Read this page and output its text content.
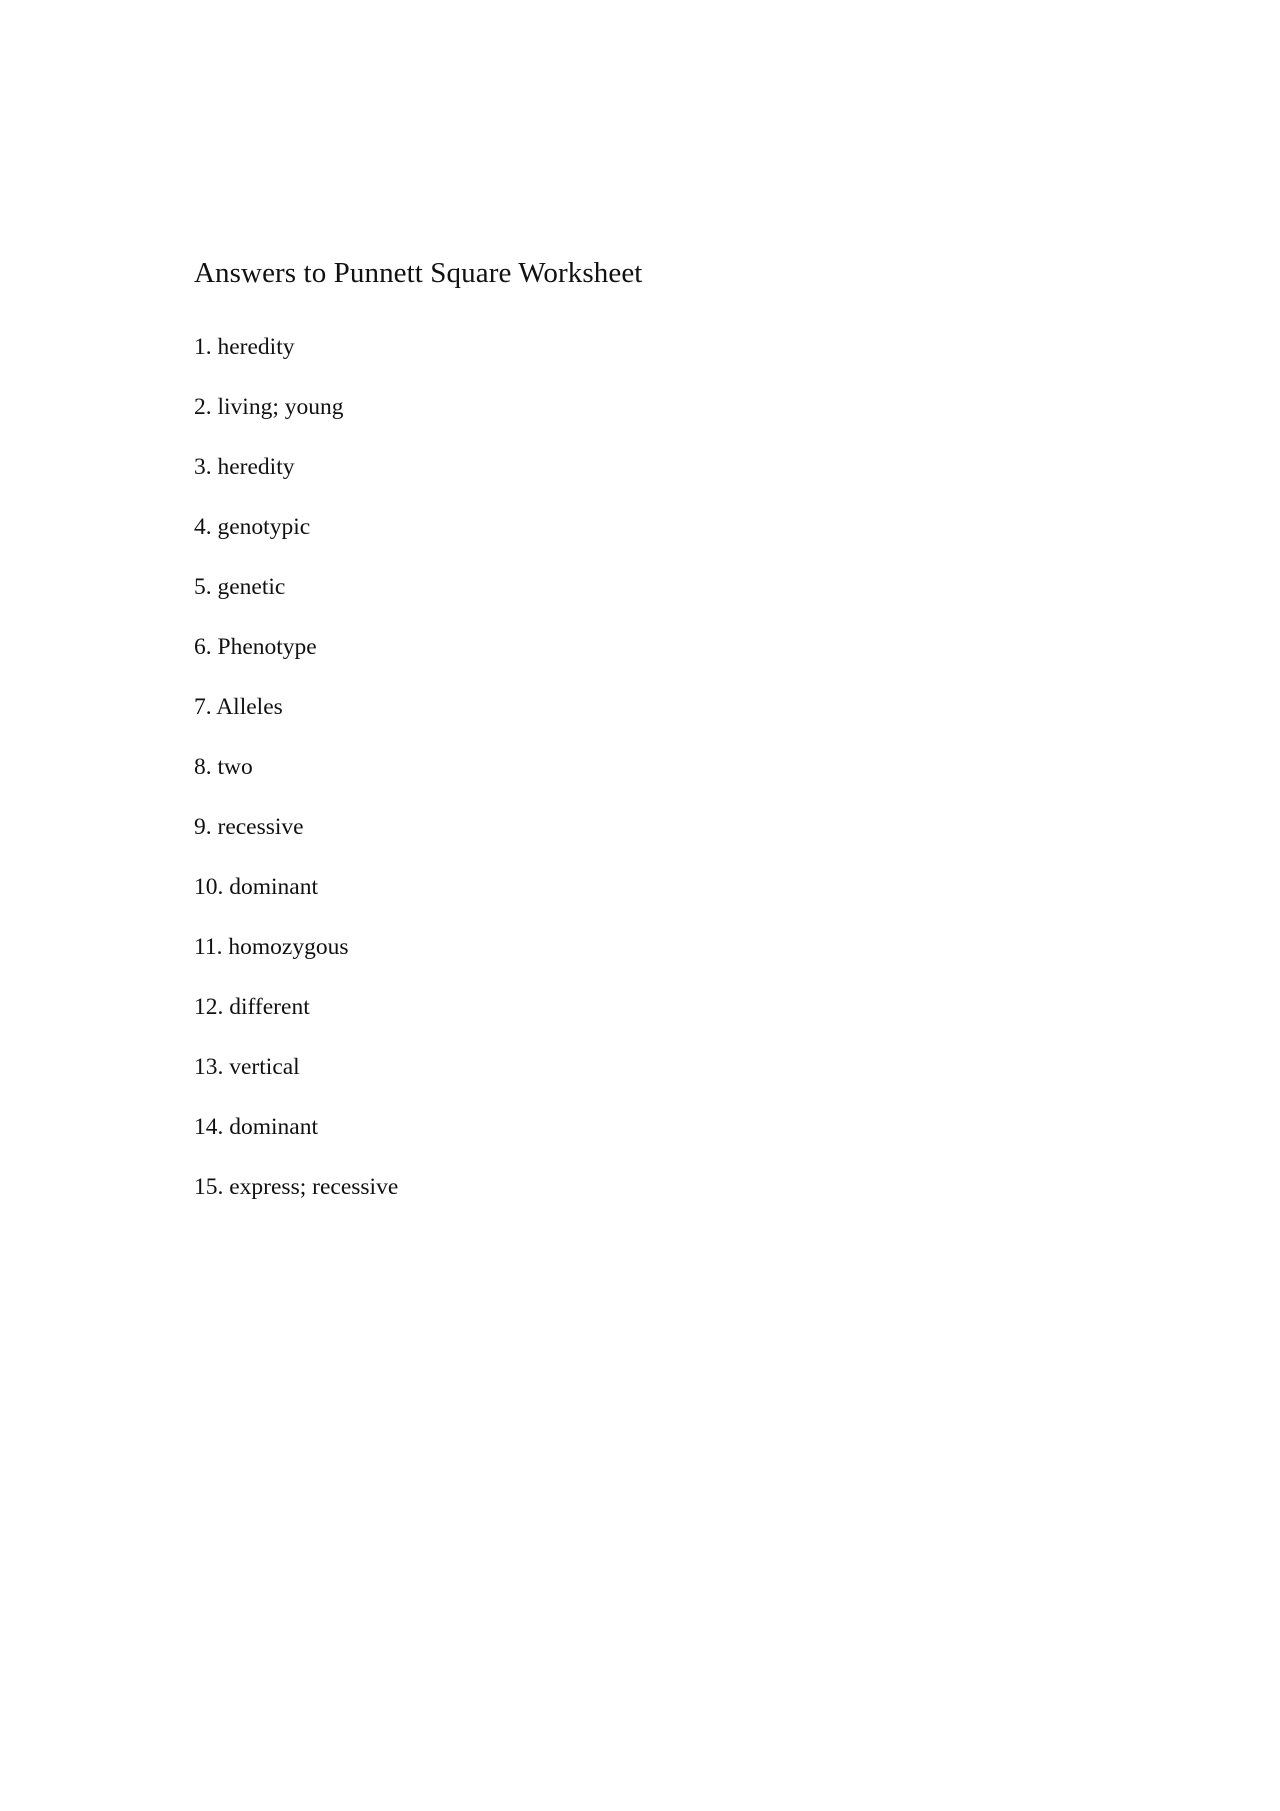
Answers to Punnett Square Worksheet
1. heredity
2. living; young
3. heredity
4. genotypic
5. genetic
6. Phenotype
7. Alleles
8. two
9. recessive
10. dominant
11. homozygous
12. different
13. vertical
14. dominant
15. express; recessive
